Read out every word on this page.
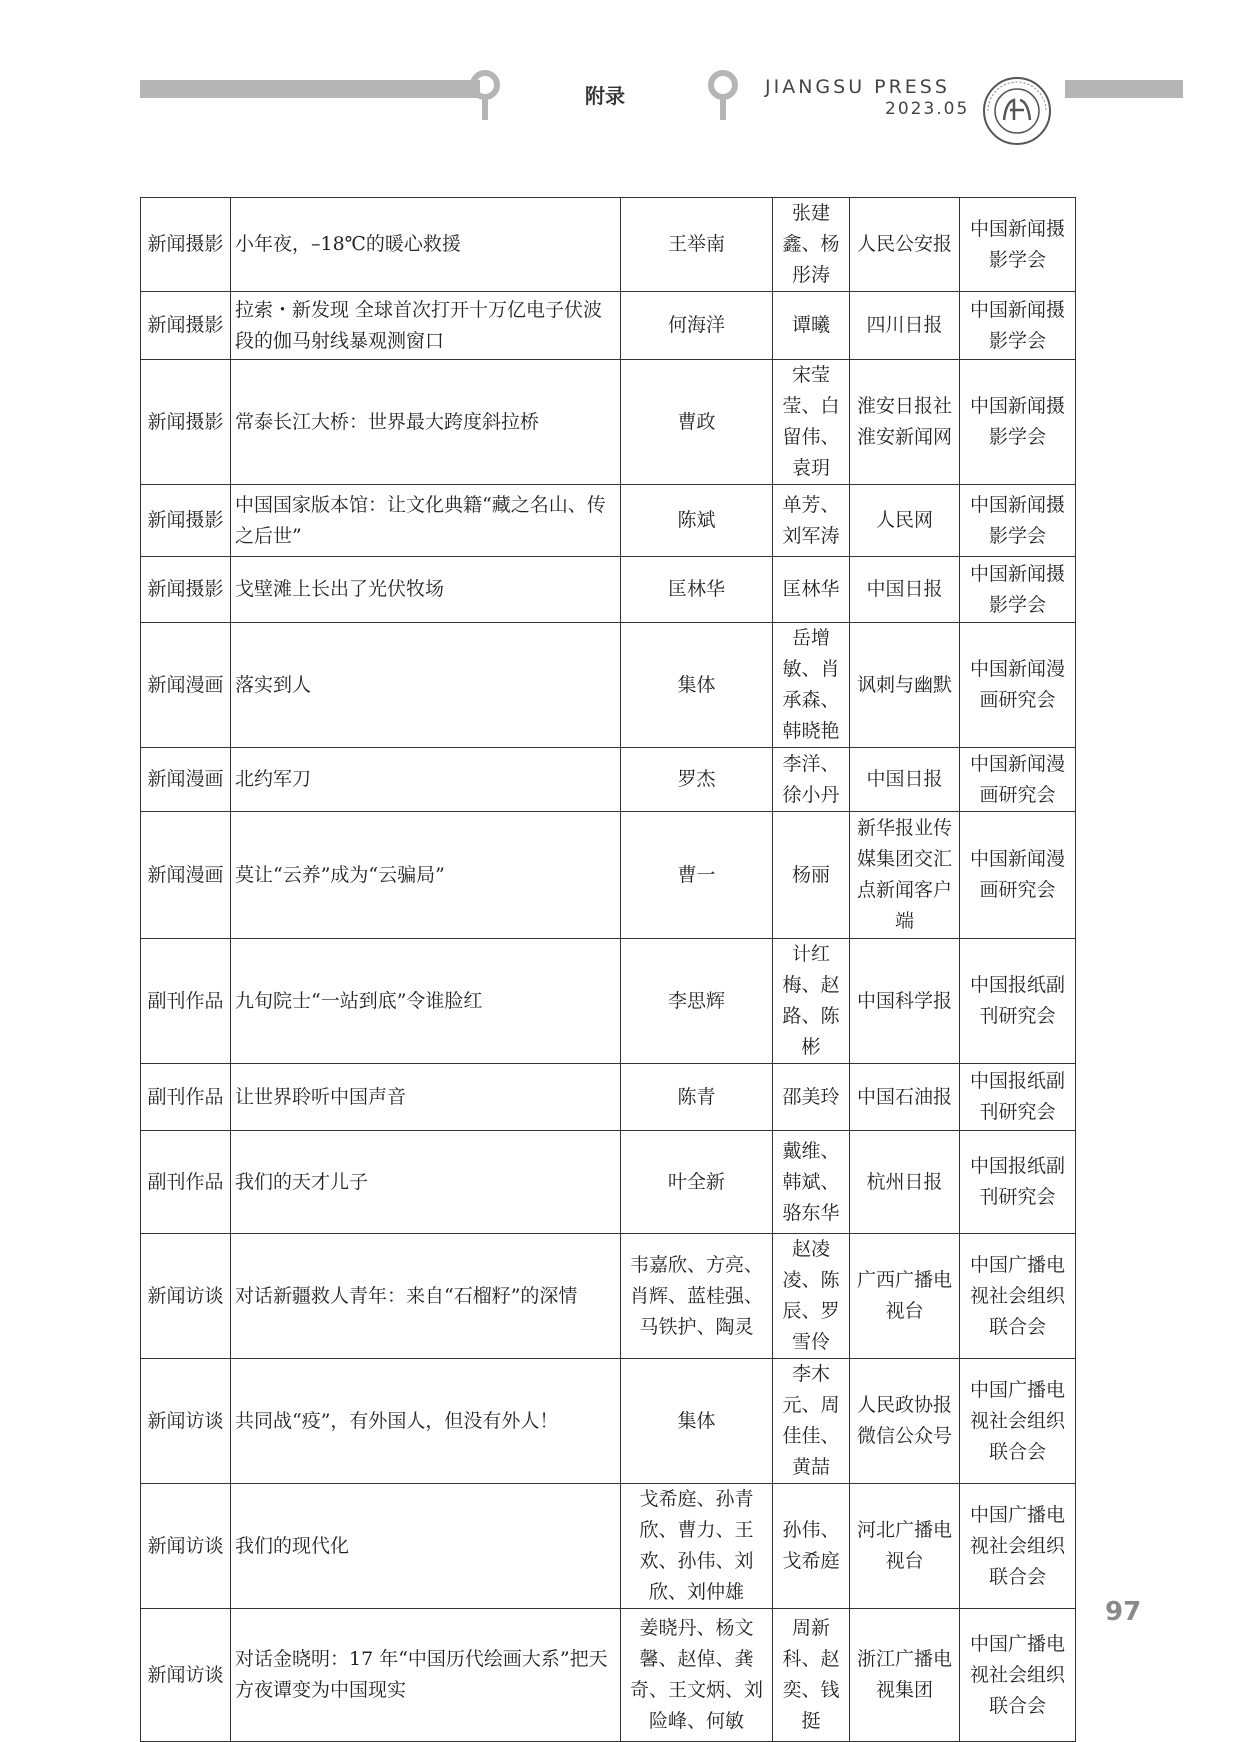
附录	JIANGSU PRESS
2023.05
新闻摄影	小年夜，–18℃的暖心救援	王举南	张建鑫、杨彤涛	人民公安报	中国新闻摄影学会
新闻摄影	拉索・新发现 全球首次打开十万亿电子伏波段的伽马射线暴观测窗口	何海洋	谭曦	四川日报	中国新闻摄影学会
新闻摄影	常泰长江大桥：世界最大跨度斜拉桥	曹政	宋莹莹、白留伟、袁玥	淮安日报社淮安新闻网	中国新闻摄影学会
新闻摄影	中国国家版本馆：让文化典籍“藏之名山、传之后世”	陈斌	单芳、刘军涛	人民网	中国新闻摄影学会
新闻摄影	戈壁滩上长出了光伏牧场	匡林华	匡林华	中国日报	中国新闻摄影学会
新闻漫画	落实到人	集体	岳增敏、肖承森、韩晓艳	讽刺与幽默	中国新闻漫画研究会
新闻漫画	北约军刀	罗杰	李洋、徐小丹	中国日报	中国新闻漫画研究会
新闻漫画	莫让“云养”成为“云骗局”	曹一	杨丽	新华报业传媒集团交汇点新闻客户端	中国新闻漫画研究会
副刊作品	九旬院士“一站到底”令谁脸红	李思辉	计红梅、赵路、陈彬	中国科学报	中国报纸副刊研究会
副刊作品	让世界聆听中国声音	陈青	邵美玲	中国石油报	中国报纸副刊研究会
副刊作品	我们的天才儿子	叶全新	戴维、韩斌、骆东华	杭州日报	中国报纸副刊研究会
新闻访谈	对话新疆救人青年：来自“石榴籽”的深情	韦嘉欣、方亮、肖辉、蓝桂强、马铁护、陶灵	赵凌凌、陈辰、罗雪伶	广西广播电视台	中国广播电视社会组织联合会
新闻访谈	共同战“疫”，有外国人，但没有外人！	集体	李木元、周佳佳、黄喆	人民政协报微信公众号	中国广播电视社会组织联合会
新闻访谈	我们的现代化	戈希庭、孙青欣、曹力、王欢、孙伟、刘欣、刘仲雄	孙伟、戈希庭	河北广播电视台	中国广播电视社会组织联合会
新闻访谈	对话金晓明：17 年“中国历代绘画大系”把天方夜谭变为中国现实	姜晓丹、杨文馨、赵倬、龚奇、王文炳、刘险峰、何敏	周新科、赵奕、钱挺	浙江广播电视集团	中国广播电视社会组织联合会
97
